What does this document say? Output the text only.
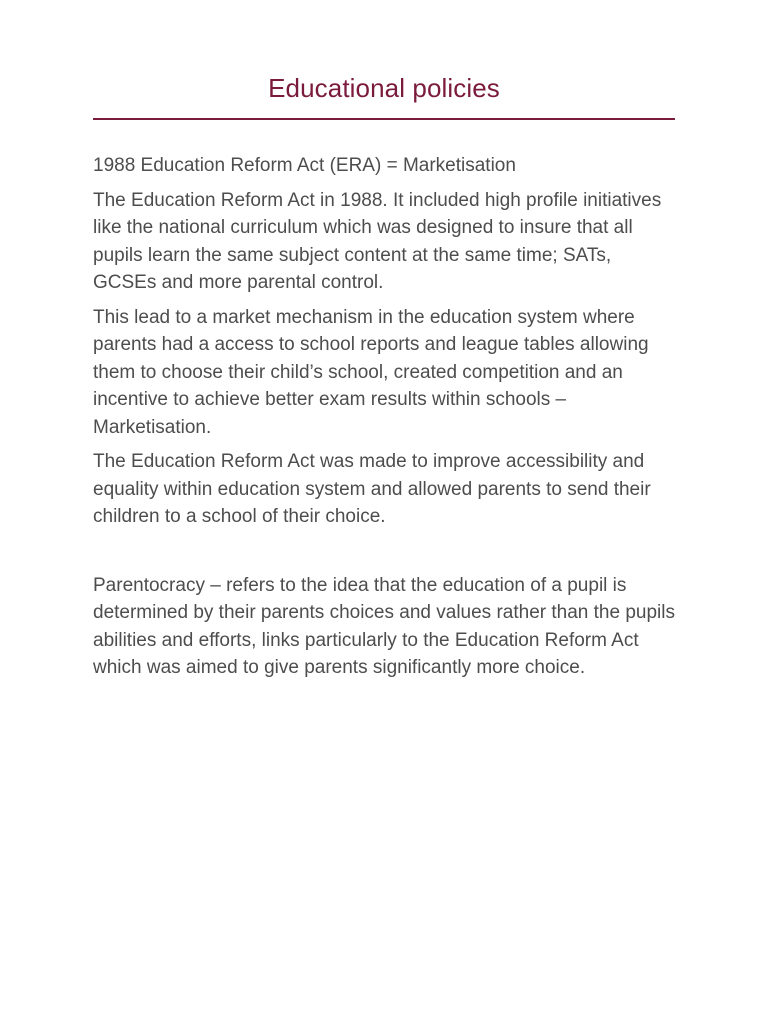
Educational policies

1988 Education Reform Act (ERA) = Marketisation

The Education Reform Act in 1988. It included high profile initiatives like the national curriculum which was designed to insure that all pupils learn the same subject content at the same time; SATs, GCSEs and more parental control.

This lead to a market mechanism in the education system where parents had a access to school reports and league tables allowing them to choose their child’s school, created competition and an incentive to achieve better exam results within schools – Marketisation.

The Education Reform Act was made to improve accessibility and equality within education system and allowed parents to send their children to a school of their choice.

Parentocracy – refers to the idea that the education of a pupil is determined by their parents choices and values rather than the pupils abilities and efforts, links particularly to the Education Reform Act which was aimed to give parents significantly more choice.
